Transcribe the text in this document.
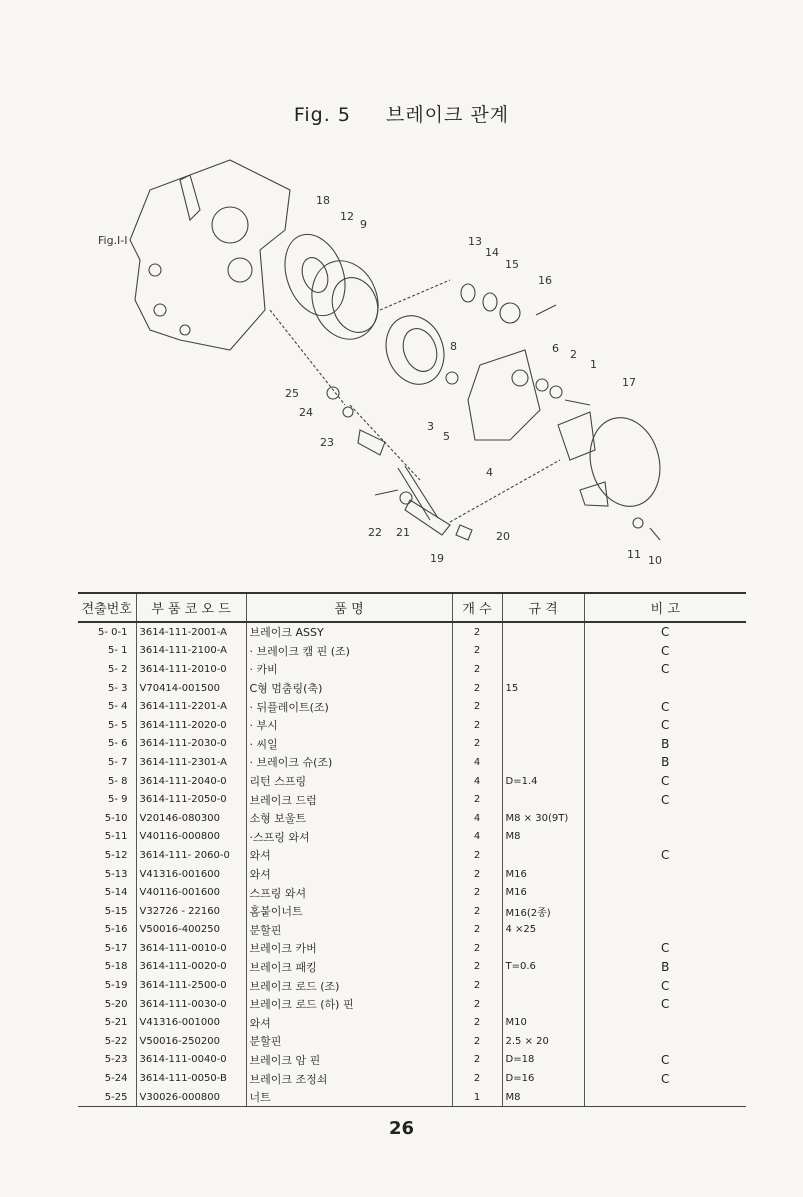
Fig. 5 브레이크 관계
Fig.I-I
18
12
9
13
14
15
16
8	6 2
1
17
25
24
23
3
5
4
22 21
19
20
11 10
견출번호	부 품 코 오 드	품 명	개 수	규 격	비 고
5- 0-1	3614-111-2001-A	브레이크 ASSY	2		C
5- 1	3614-111-2100-A	· 브레이크 캠 핀 (조)	2		C
5- 2	3614-111-2010-0	· 카비	2		C
5- 3	V70414-001500	C형 멈춤링(축)	2	15	
5- 4	3614-111-2201-A	· 뒤플레이트(조)	2		C
5- 5	3614-111-2020-0	· 부시	2		C
5- 6	3614-111-2030-0	· 씨일	2		B
5- 7	3614-111-2301-A	· 브레이크 슈(조)	4		B
5- 8	3614-111-2040-0	리턴 스프링	4	D=1.4	C
5- 9	3614-111-2050-0	브레이크 드럼	2		C
5-10	V20146-080300	소형 보울트	4	M8 × 30(9T)	
5-11	V40116-000800	·스프링 와셔	4	M8	
5-12	3614-111- 2060-0	와셔	2		C
5-13	V41316-001600	와셔	2	M16	
5-14	V40116-001600	스프링 와셔	2	M16	
5-15	V32726 - 22160	홈붙이너트	2	M16(2종)	
5-16	V50016-400250	분할핀	2	4 ×25	
5-17	3614-111-0010-0	브레이크 카버	2		C
5-18	3614-111-0020-0	브레이크 패킹	2	T=0.6	B
5-19	3614-111-2500-0	브레이크 로드 (조)	2		C
5-20	3614-111-0030-0	브레이크 로드 (하) 핀	2		C
5-21	V41316-001000	와셔	2	M10	
5-22	V50016-250200	분할핀	2	2.5 × 20	
5-23	3614-111-0040-0	브레이크 암 핀	2	D=18	C
5-24	3614-111-0050-B	브레이크 조정쇠	2	D=16	C
5-25	V30026-000800	너트	1	M8	
26
